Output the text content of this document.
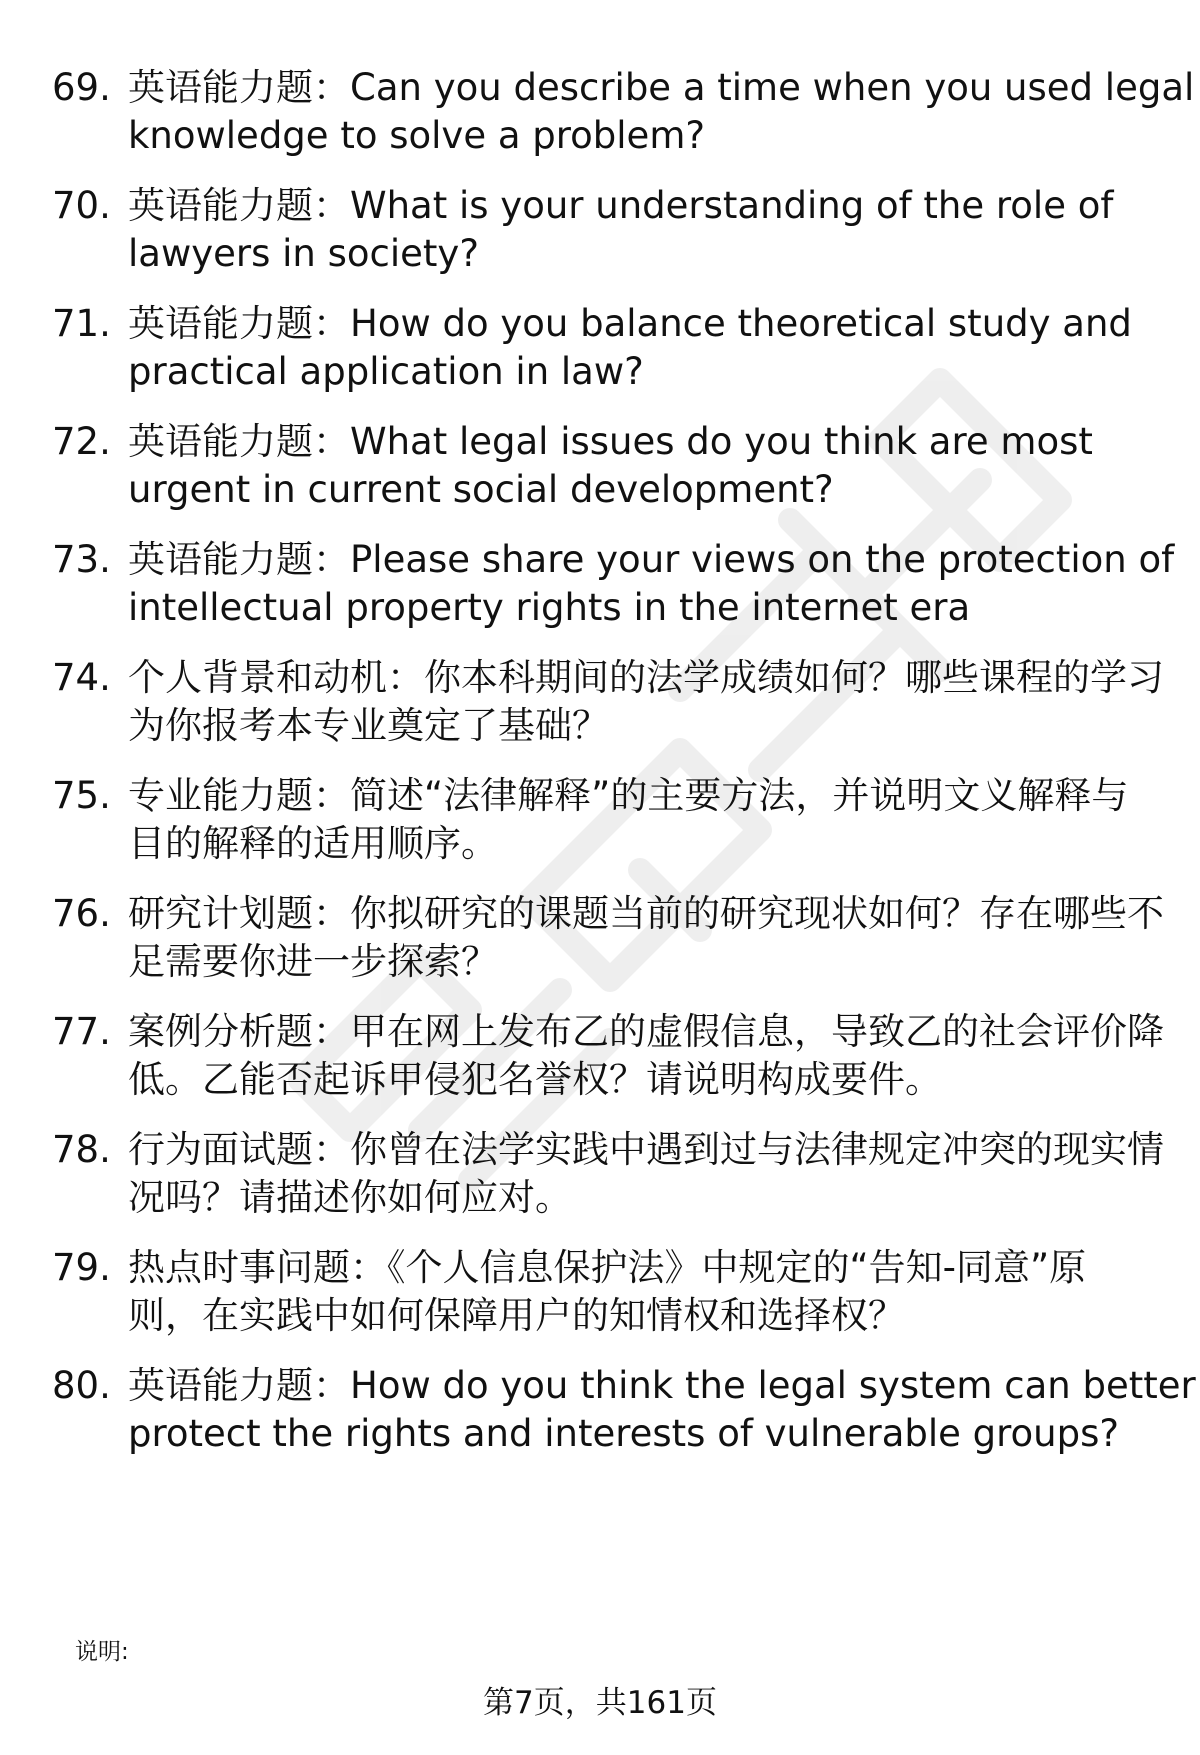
69. 英语能力题：Can you describe a time when you used legal
knowledge to solve a problem?
70. 英语能力题：What is your understanding of the role of
lawyers in society?
71. 英语能力题：How do you balance theoretical study and
practical application in law?
72. 英语能力题：What legal issues do you think are most
urgent in current social development?
73. 英语能力题：Please share your views on the protection of
intellectual property rights in the internet era
74. 个人背景和动机：你本科期间的法学成绩如何？哪些课程的学习
为你报考本专业奠定了基础？
75. 专业能力题：简述“法律解释”的主要方法，并说明文义解释与
目的解释的适用顺序。
76. 研究计划题：你拟研究的课题当前的研究现状如何？存在哪些不
足需要你进一步探索？
77. 案例分析题：甲在网上发布乙的虚假信息，导致乙的社会评价降
低。乙能否起诉甲侵犯名誉权？请说明构成要件。
78. 行为面试题：你曾在法学实践中遇到过与法律规定冲突的现实情
况吗？请描述你如何应对。
79. 热点时事问题：《个人信息保护法》中规定的“告知-同意”原
则，在实践中如何保障用户的知情权和选择权？
80. 英语能力题：How do you think the legal system can better
protect the rights and interests of vulnerable groups?
说明:
第7页，共161页
